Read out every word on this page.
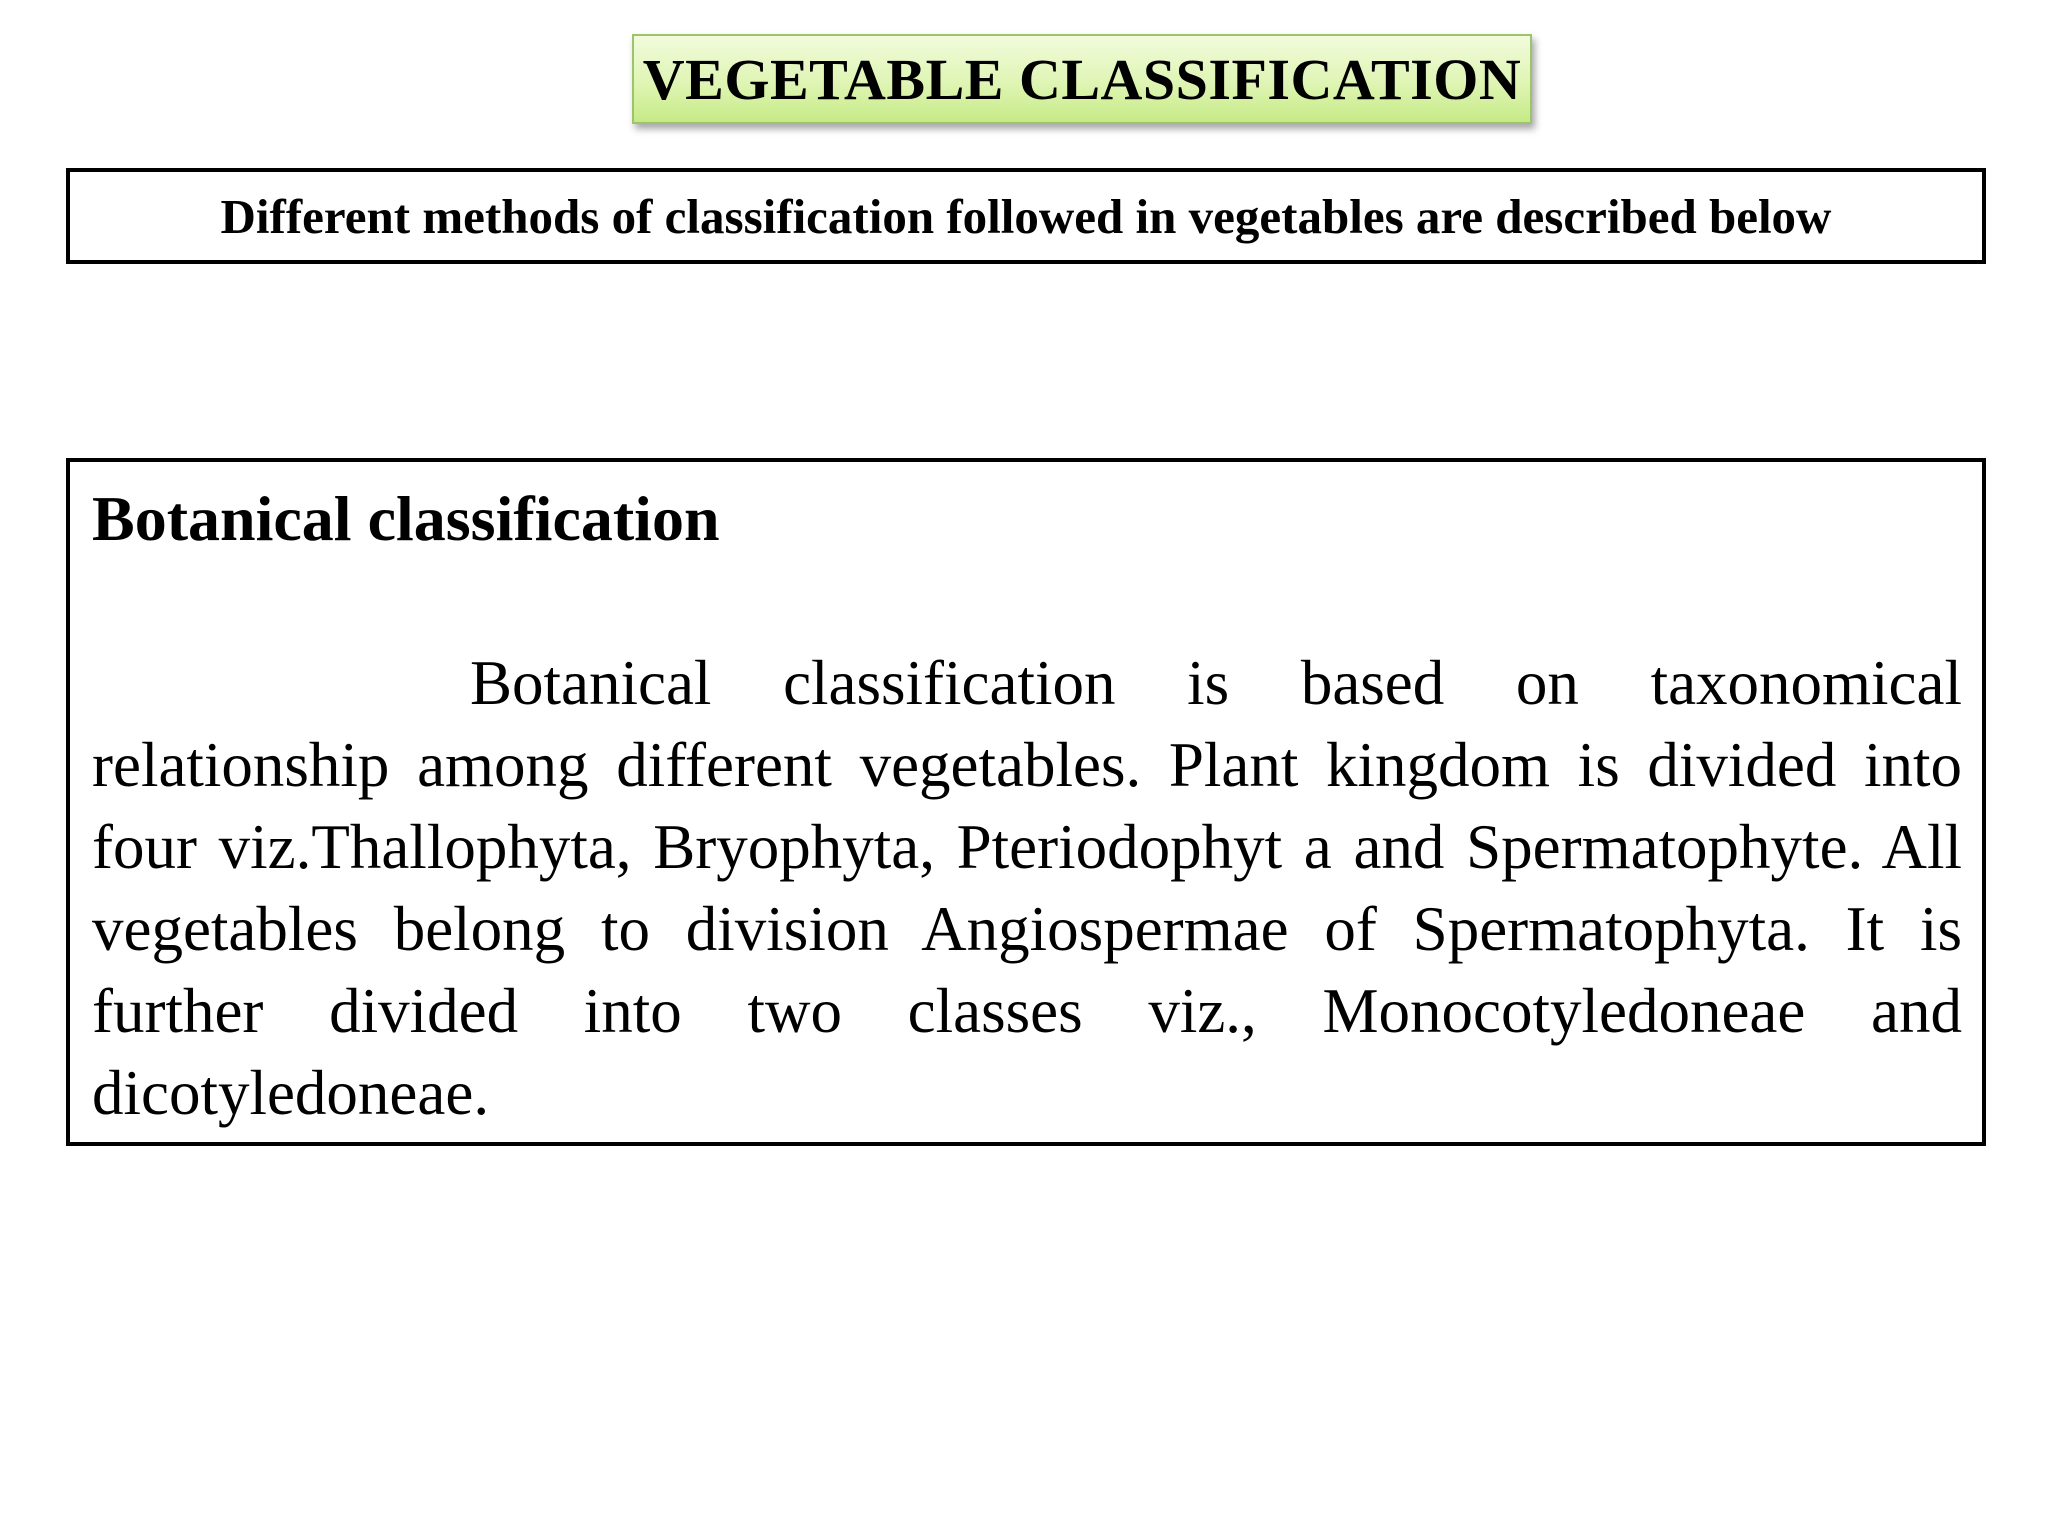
VEGETABLE CLASSIFICATION
Different methods of classification followed in vegetables are described below
Botanical classification

Botanical classification is based on taxonomical relationship among different vegetables. Plant kingdom is divided into four viz.Thallophyta, Bryophyta, Pteriodophyt a and Spermatophyte. All vegetables belong to division Angiospermae of Spermatophyta. It is further divided into two classes viz., Monocotyledoneae and dicotyledoneae.
